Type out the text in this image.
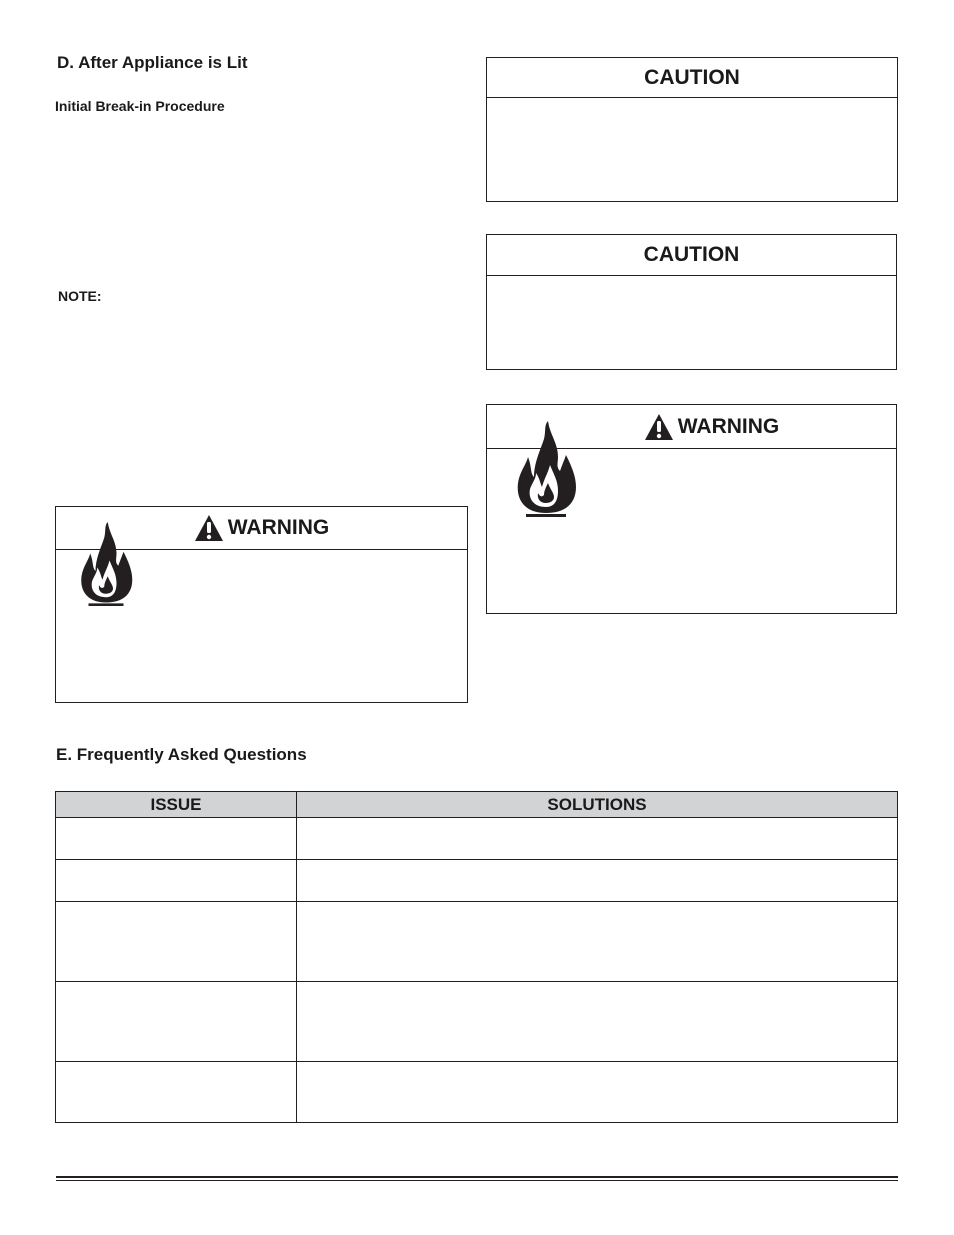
D. After Appliance is Lit
Initial Break-in Procedure
NOTE:
CAUTION
CAUTION
WARNING
WARNING
E. Frequently Asked Questions
ISSUE	SOLUTIONS
